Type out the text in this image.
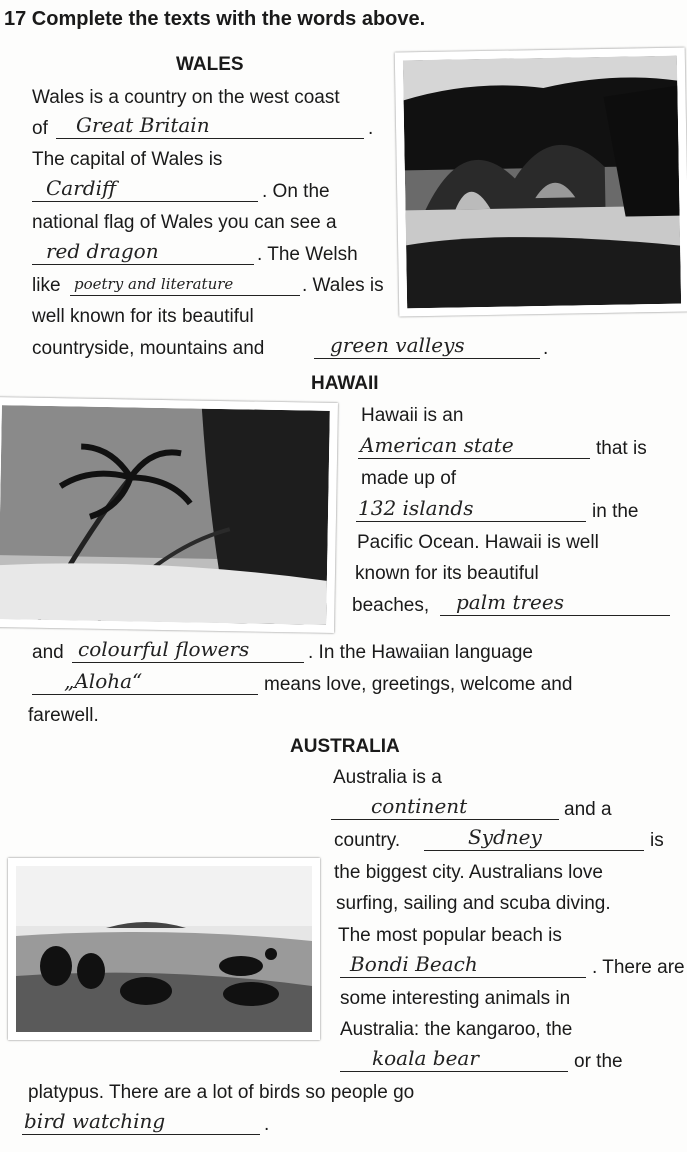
17 Complete the texts with the words above.
WALES
Wales is a country on the west coast
of Great Britain	.
The capital of Wales is
Cardiff	. On the
national flag of Wales you can see a
red dragon	. The Welsh
like poetry and literature	. Wales is
well known for its beautiful
countryside, mountains and	green valleys	.
HAWAII
Hawaii is an
American state	that is
made up of
132 islands	in the
Pacific Ocean. Hawaii is well
known for its beautiful
beaches, palm trees
and colourful flowers	. In the Hawaiian language
„Aloha“	means love, greetings, welcome and
farewell.
AUSTRALIA
Australia is a
continent	and a
country.	Sydney	is
the biggest city. Australians love
surfing, sailing and scuba diving.
The most popular beach is
Bondi Beach	. There are
some interesting animals in
Australia: the kangaroo, the
koala bear	or the
platypus. There are a lot of birds so people go
bird watching	.
